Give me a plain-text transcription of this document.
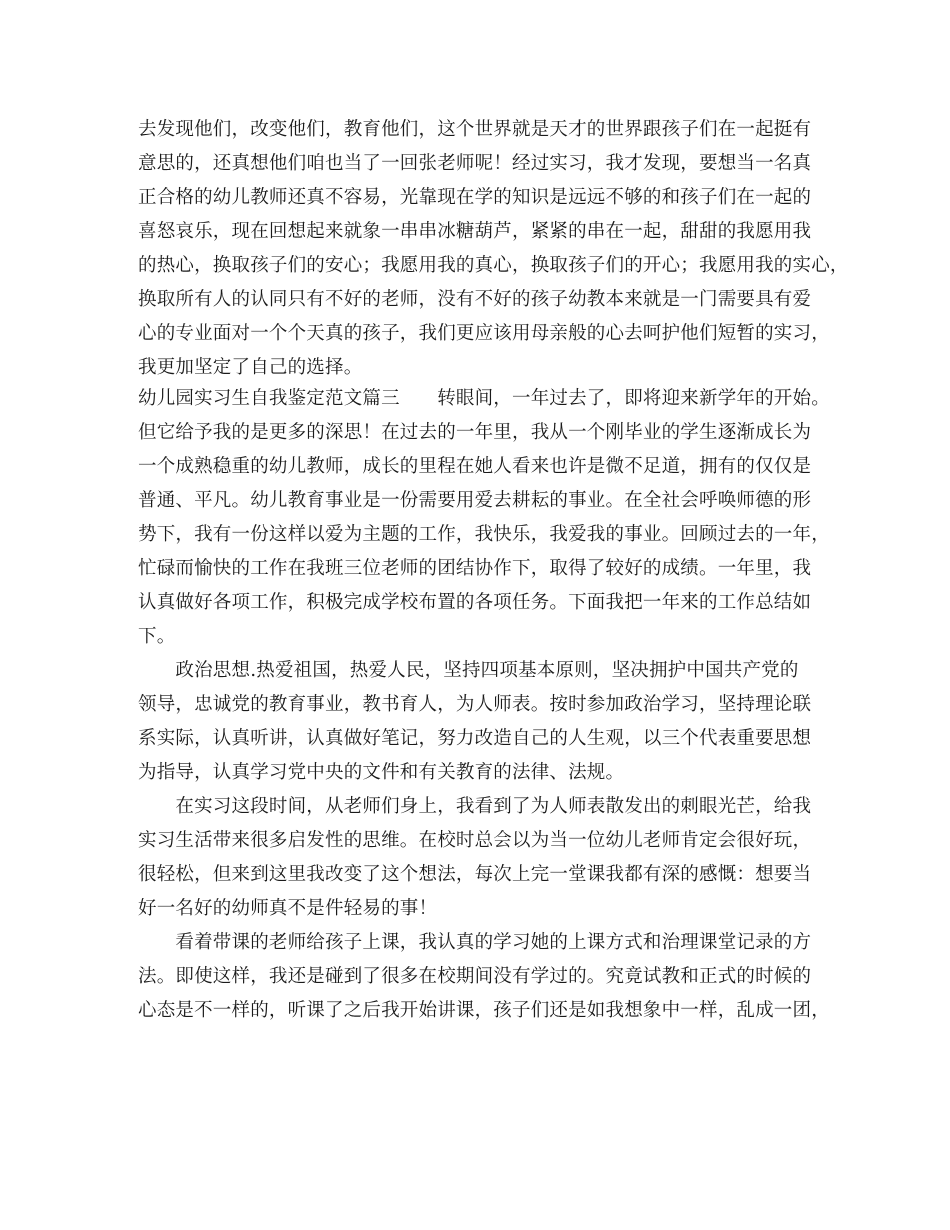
去发现他们，改变他们，教育他们，这个世界就是天才的世界跟孩子们在一起挺有
意思的，还真想他们咱也当了一回张老师呢！经过实习，我才发现，要想当一名真
正合格的幼儿教师还真不容易，光靠现在学的知识是远远不够的和孩子们在一起的
喜怒哀乐，现在回想起来就象一串串冰糖葫芦，紧紧的串在一起，甜甜的我愿用我
的热心，换取孩子们的安心；我愿用我的真心，换取孩子们的开心；我愿用我的实心，
换取所有人的认同只有不好的老师，没有不好的孩子幼教本来就是一门需要具有爱
心的专业面对一个个天真的孩子，我们更应该用母亲般的心去呵护他们短暂的实习，
我更加坚定了自己的选择。
幼儿园实习生自我鉴定范文篇三　　转眼间，一年过去了，即将迎来新学年的开始。
但它给予我的是更多的深思！在过去的一年里，我从一个刚毕业的学生逐渐成长为
一个成熟稳重的幼儿教师，成长的里程在她人看来也许是微不足道，拥有的仅仅是
普通、平凡。幼儿教育事业是一份需要用爱去耕耘的事业。在全社会呼唤师德的形
势下，我有一份这样以爱为主题的工作，我快乐，我爱我的事业。回顾过去的一年，
忙碌而愉快的工作在我班三位老师的团结协作下，取得了较好的成绩。一年里，我
认真做好各项工作，积极完成学校布置的各项任务。下面我把一年来的工作总结如
下。
　　政治思想.热爱祖国，热爱人民，坚持四项基本原则，坚决拥护中国共产党的
领导，忠诚党的教育事业，教书育人，为人师表。按时参加政治学习，坚持理论联
系实际，认真听讲，认真做好笔记，努力改造自己的人生观，以三个代表重要思想
为指导，认真学习党中央的文件和有关教育的法律、法规。
　　在实习这段时间，从老师们身上，我看到了为人师表散发出的刺眼光芒，给我
实习生活带来很多启发性的思维。在校时总会以为当一位幼儿老师肯定会很好玩，
很轻松，但来到这里我改变了这个想法，每次上完一堂课我都有深的感慨：想要当
好一名好的幼师真不是件轻易的事！
　　看着带课的老师给孩子上课，我认真的学习她的上课方式和治理课堂记录的方
法。即使这样，我还是碰到了很多在校期间没有学过的。究竟试教和正式的时候的
心态是不一样的，听课了之后我开始讲课，孩子们还是如我想象中一样，乱成一团，
